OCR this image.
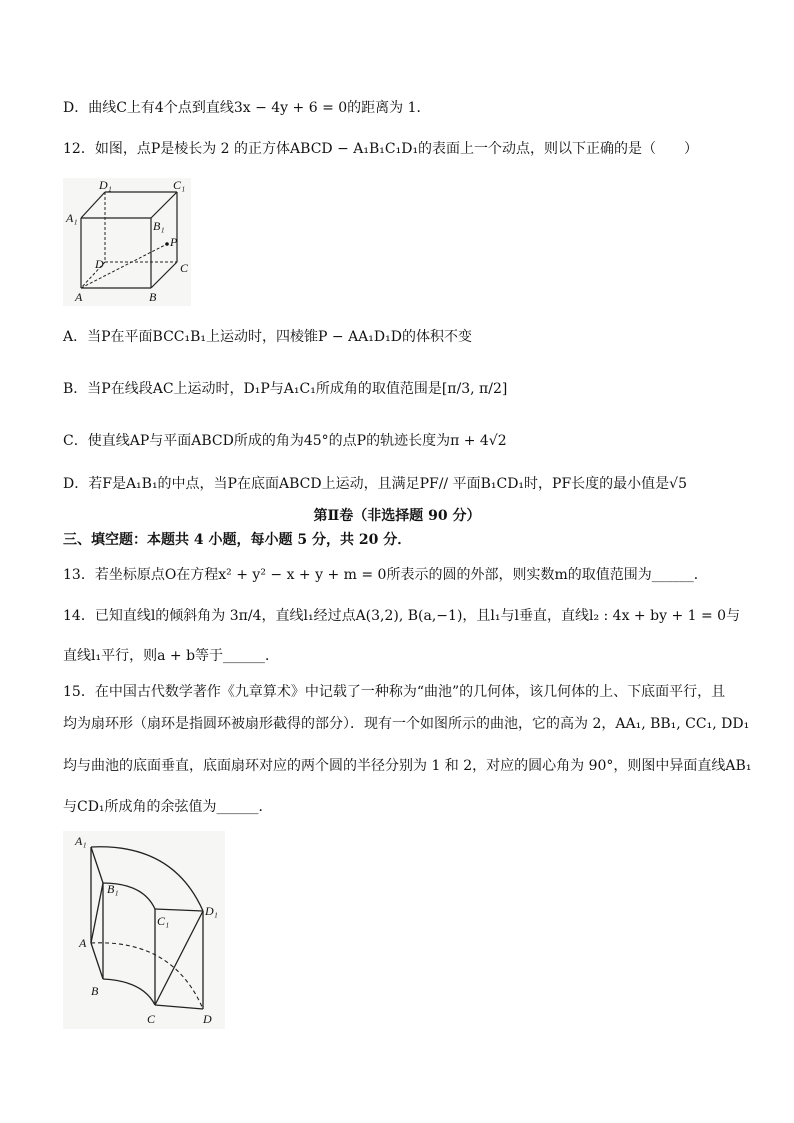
D．曲线C上有4个点到直线3x − 4y + 6 = 0的距离为 1．
12．如图，点P是棱长为 2 的正方体ABCD − A₁B₁C₁D₁的表面上一个动点，则以下正确的是（　　）
D₁	C₁
A₁
B₁
P
D	C
A	B
A．当P在平面BCC₁B₁上运动时，四棱锥P − AA₁D₁D的体积不变
B．当P在线段AC上运动时，D₁P与A₁C₁所成角的取值范围是[π/3, π/2]
C．使直线AP与平面ABCD所成的角为45°的点P的轨迹长度为π + 4√2
D．若F是A₁B₁的中点，当P在底面ABCD上运动，且满足PF// 平面B₁CD₁时，PF长度的最小值是√5
第Ⅱ卷（非选择题 90 分）
三、填空题：本题共 4 小题，每小题 5 分，共 20 分．
13．若坐标原点O在方程x² + y² − x + y + m = 0所表示的圆的外部，则实数m的取值范围为______．
14．已知直线l的倾斜角为 3π/4，直线l₁经过点A(3,2), B(a,−1)，且l₁与l垂直，直线l₂ : 4x + by + 1 = 0与
直线l₁平行，则a + b等于______．
15．在中国古代数学著作《九章算术》中记载了一种称为“曲池”的几何体，该几何体的上、下底面平行，且
均为扇环形（扇环是指圆环被扇形截得的部分）．现有一个如图所示的曲池，它的高为 2，AA₁, BB₁, CC₁, DD₁
均与曲池的底面垂直，底面扇环对应的两个圆的半径分别为 1 和 2，对应的圆心角为 90°，则图中异面直线AB₁
与CD₁所成角的余弦值为______．
A₁
B₁
C₁
D₁
A
B
C	D
